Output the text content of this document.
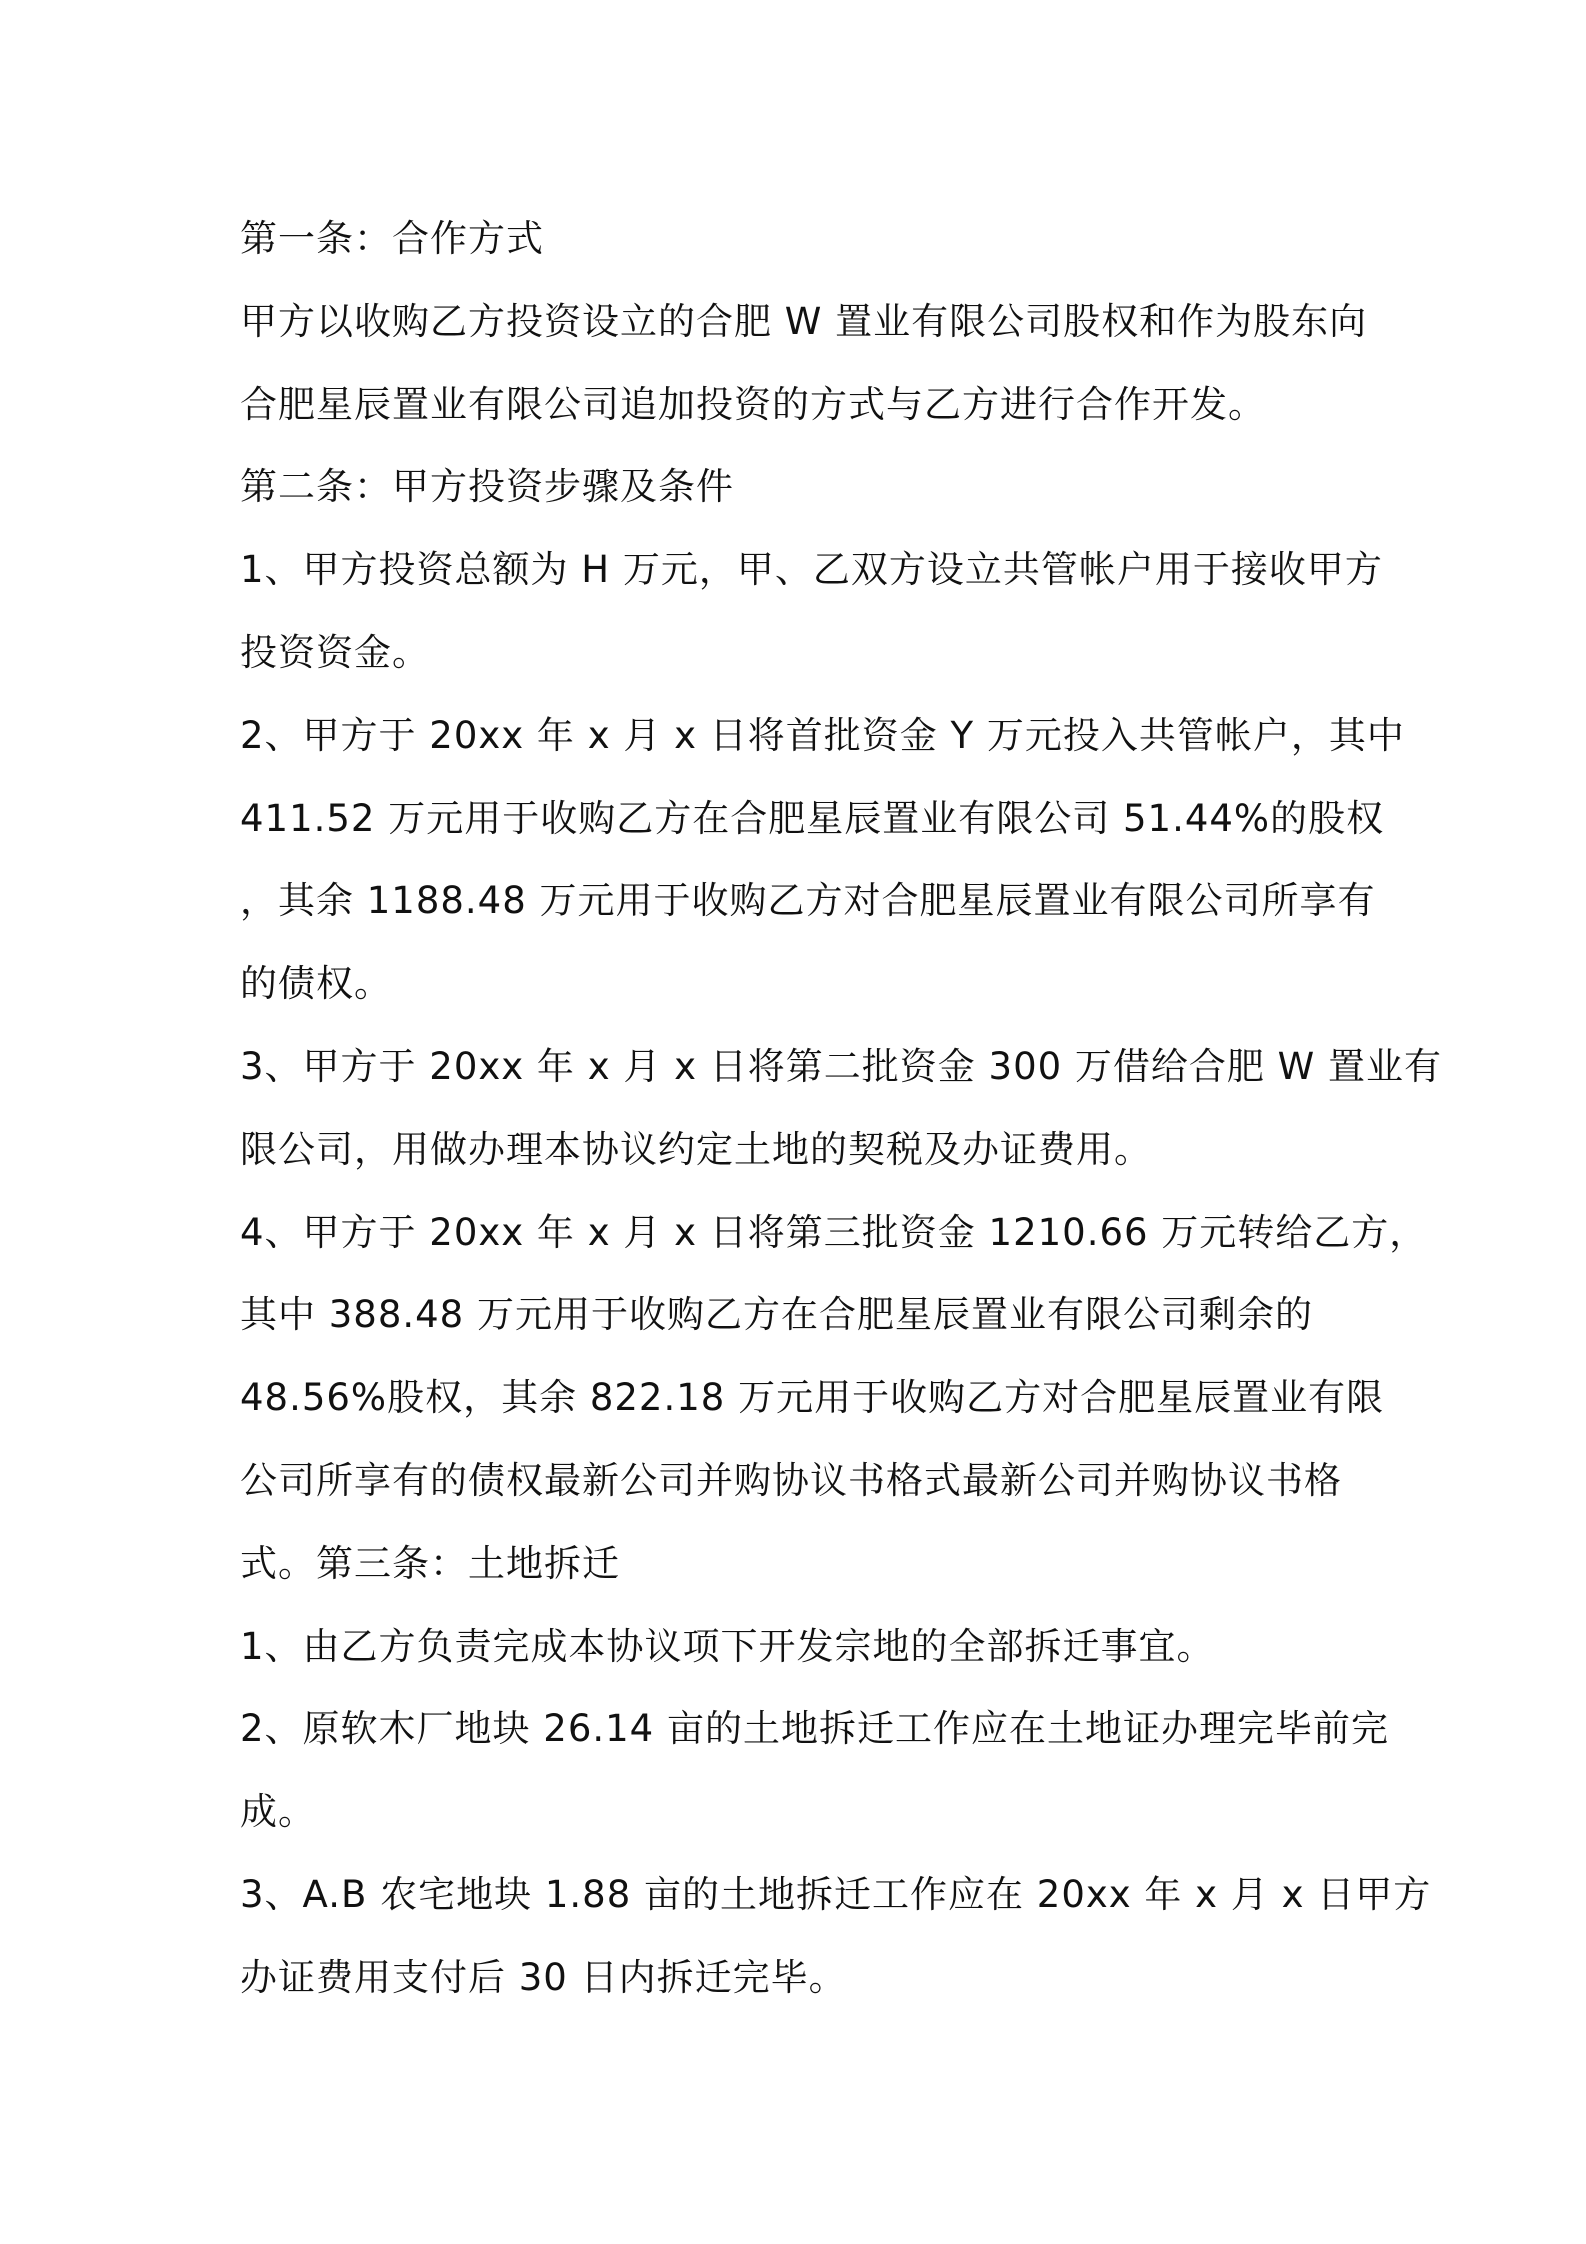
第一条：合作方式
甲方以收购乙方投资设立的合肥 W 置业有限公司股权和作为股东向
合肥星辰置业有限公司追加投资的方式与乙方进行合作开发。
第二条：甲方投资步骤及条件
1、甲方投资总额为 H 万元，甲、乙双方设立共管帐户用于接收甲方
投资资金。
2、甲方于 20xx 年 x 月 x 日将首批资金 Y 万元投入共管帐户，其中
411.52 万元用于收购乙方在合肥星辰置业有限公司 51.44%的股权
，其余 1188.48 万元用于收购乙方对合肥星辰置业有限公司所享有
的债权。
3、甲方于 20xx 年 x 月 x 日将第二批资金 300 万借给合肥 W 置业有
限公司，用做办理本协议约定土地的契税及办证费用。
4、甲方于 20xx 年 x 月 x 日将第三批资金 1210.66 万元转给乙方，
其中 388.48 万元用于收购乙方在合肥星辰置业有限公司剩余的
48.56%股权，其余 822.18 万元用于收购乙方对合肥星辰置业有限
公司所享有的债权最新公司并购协议书格式最新公司并购协议书格
式。第三条：土地拆迁
1、由乙方负责完成本协议项下开发宗地的全部拆迁事宜。
2、原软木厂地块 26.14 亩的土地拆迁工作应在土地证办理完毕前完
成。
3、A.B 农宅地块 1.88 亩的土地拆迁工作应在 20xx 年 x 月 x 日甲方
办证费用支付后 30 日内拆迁完毕。
